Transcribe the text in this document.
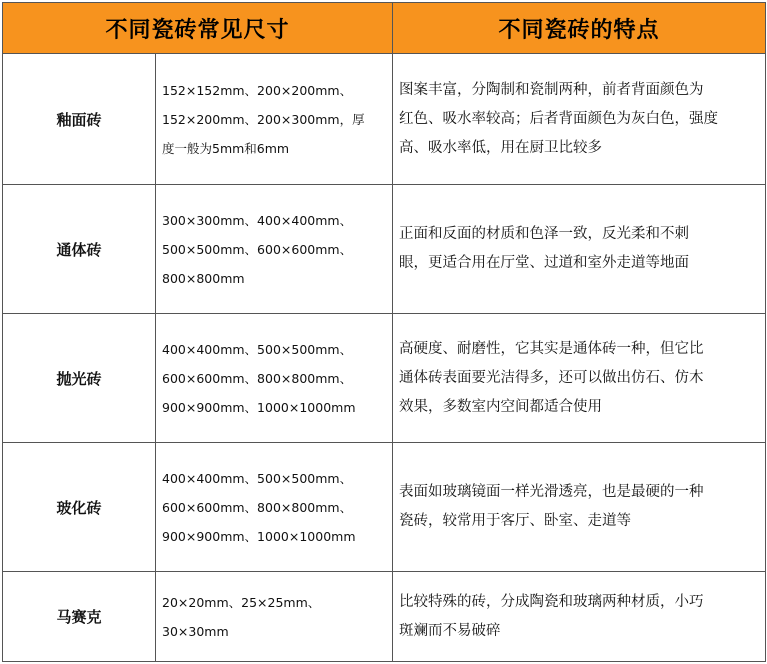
不同瓷砖常见尺寸		不同瓷砖的特点
釉面砖	152×152mm、200×200mm、
152×200mm、200×300mm，厚
度一般为5mm和6mm	图案丰富，分陶制和瓷制两种，前者背面颜色为
红色、吸水率较高；后者背面颜色为灰白色，强度
高、吸水率低，用在厨卫比较多

通体砖	300×300mm、400×400mm、
500×500mm、600×600mm、
800×800mm	正面和反面的材质和色泽一致，反光柔和不刺
眼，更适合用在厅堂、过道和室外走道等地面

抛光砖	400×400mm、500×500mm、
600×600mm、800×800mm、
900×900mm、1000×1000mm	高硬度、耐磨性，它其实是通体砖一种，但它比
通体砖表面要光洁得多，还可以做出仿石、仿木
效果，多数室内空间都适合使用

玻化砖	400×400mm、500×500mm、
600×600mm、800×800mm、
900×900mm、1000×1000mm	表面如玻璃镜面一样光滑透亮，也是最硬的一种
瓷砖，较常用于客厅、卧室、走道等

马赛克	20×20mm、25×25mm、
30×30mm	比较特殊的砖，分成陶瓷和玻璃两种材质，小巧
斑斓而不易破碎
